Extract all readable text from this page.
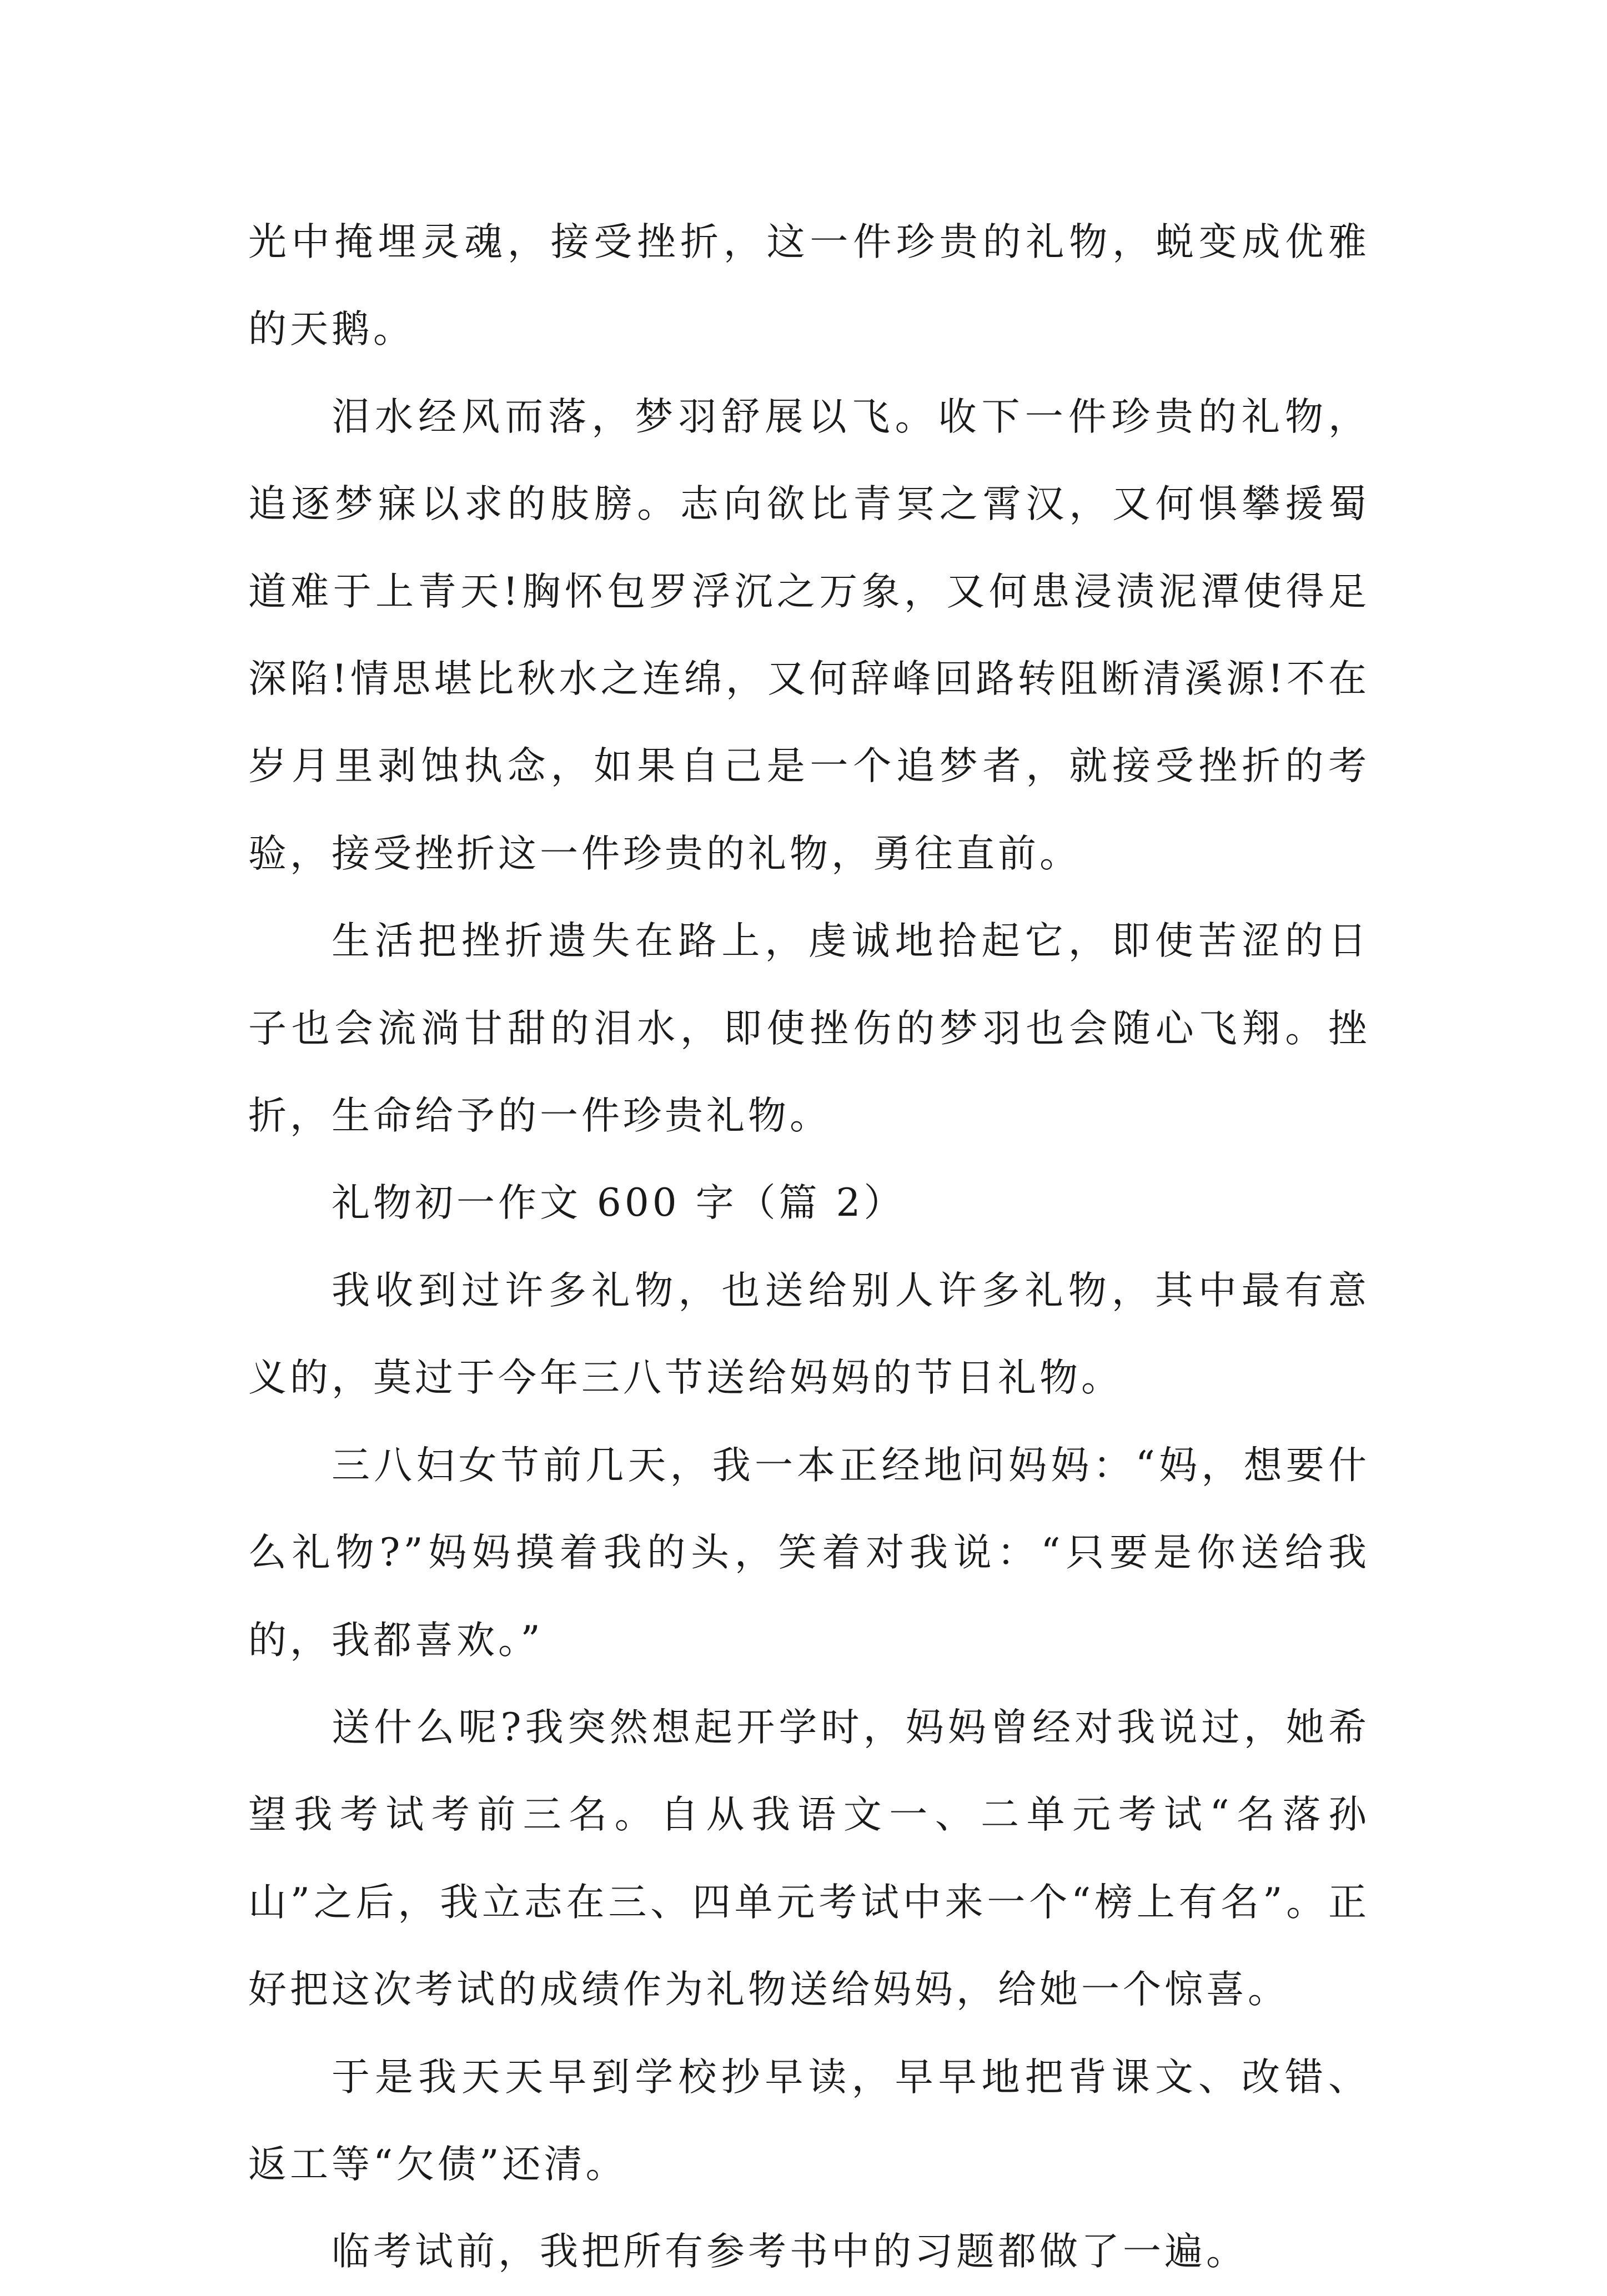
光中掩埋灵魂，接受挫折，这一件珍贵的礼物，蜕变成优雅的天鹅。

泪水经风而落，梦羽舒展以飞。收下一件珍贵的礼物，追逐梦寐以求的肢膀。志向欲比青冥之霄汉，又何惧攀援蜀道难于上青天!胸怀包罗浮沉之万象，又何患浸渍泥潭使得足深陷!情思堪比秋水之连绵，又何辞峰回路转阻断清溪源!不在岁月里剥蚀执念，如果自己是一个追梦者，就接受挫折的考验，接受挫折这一件珍贵的礼物，勇往直前。

生活把挫折遗失在路上，虔诚地拾起它，即使苦涩的日子也会流淌甘甜的泪水，即使挫伤的梦羽也会随心飞翔。挫折，生命给予的一件珍贵礼物。

礼物初一作文 600 字（篇 2）

我收到过许多礼物，也送给别人许多礼物，其中最有意义的，莫过于今年三八节送给妈妈的节日礼物。

三八妇女节前几天，我一本正经地问妈妈：“妈，想要什么礼物?”妈妈摸着我的头，笑着对我说：“只要是你送给我的，我都喜欢。”

送什么呢?我突然想起开学时，妈妈曾经对我说过，她希望我考试考前三名。自从我语文一、二单元考试“名落孙山”之后，我立志在三、四单元考试中来一个“榜上有名”。正好把这次考试的成绩作为礼物送给妈妈，给她一个惊喜。

于是我天天早到学校抄早读，早早地把背课文、改错、返工等“欠债”还清。

临考试前，我把所有参考书中的习题都做了一遍。
